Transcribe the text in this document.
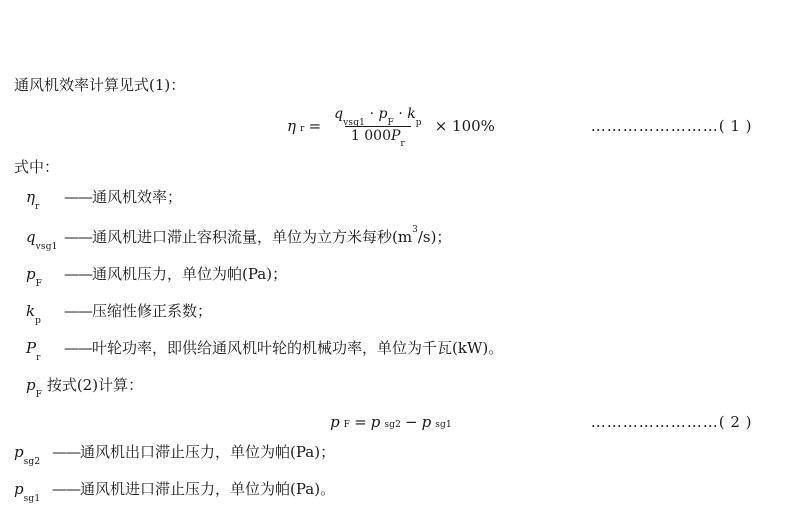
通风机效率计算见式(1)：
η r =
$q_{vsg1} \cdot p_F \cdot k_p$
1 $000P_r$
× 100%	……………………( 1 )
式中：
$\eta_r——$通风机效率；
$q_{vsg1}——$通风机进口滞止容积流量，单位为立方米每秒$(m^3/s)$；
$p_F——$通风机压力，单位为帕(Pa)；
$k_p——$压缩性修正系数；
$P_r——$叶轮功率，即供给通风机叶轮的机械功率，单位为千瓦(kW)。
$p_F$ 按式(2)计算：
p F = p sg2 − p sg1	……………………( 2 )
$p_{sg2}——$通风机出口滞止压力，单位为帕(Pa)；
$p_{sg1}——$通风机进口滞止压力，单位为帕(Pa)。
